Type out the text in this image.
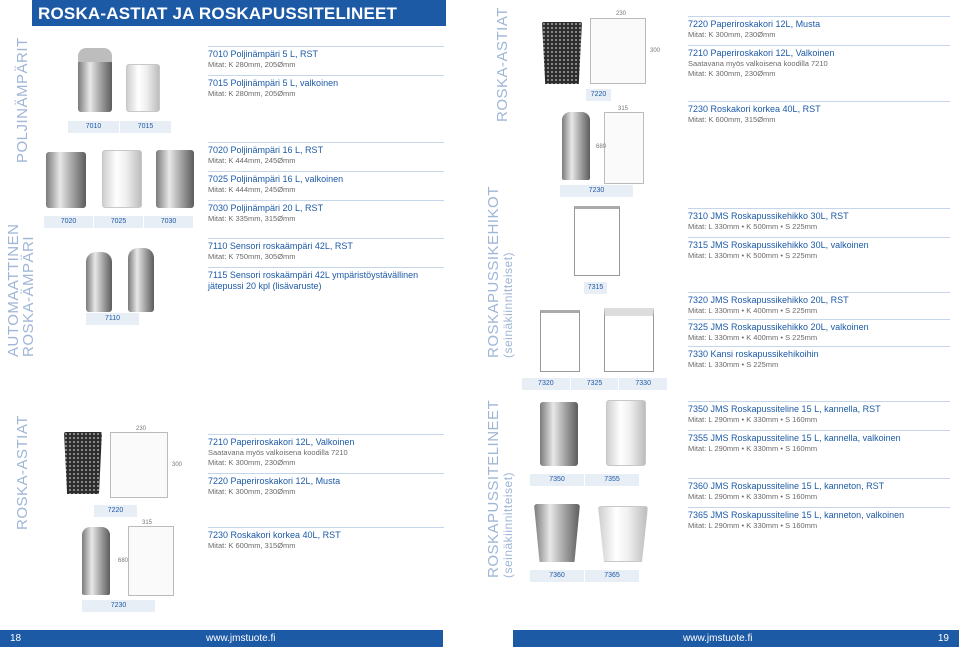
ROSKA-ASTIAT JA ROSKAPUSSITELINEET
POLJINÄMPÄRIT
AUTOMAATTINEN
ROSKA-ÄMPÄRI
ROSKA-ASTIAT
ROSKA-ASTIAT
ROSKAPUSSIKEHIKOT (seinäkiinnitteiset)
ROSKAPUSSITELINEET (seinäkiinnitteiset)
7010	7015
7020	7025	7030
7110
230
300
7220
315
680
7230
7010 Poljinämpäri 5 L, RST
Mitat: K 280mm, 205Ømm
7015 Poljinämpäri 5 L, valkoinen
Mitat: K 280mm, 205Ømm
7020 Poljinämpäri 16 L, RST
Mitat: K 444mm, 245Ømm
7025 Poljinämpäri 16 L, valkoinen
Mitat: K 444mm, 245Ømm
7030 Poljinämpäri 20 L, RST
Mitat: K 335mm, 315Ømm
7110 Sensori roskaämpäri 42L, RST
Mitat: K 750mm, 305Ømm
7115 Sensori roskaämpäri 42L ympäristöystävällinen
jätepussi 20 kpl (lisävaruste)
7210 Paperiroskakori 12L, Valkoinen
Saatavana myös valkoisena koodilla 7210
Mitat: K 300mm, 230Ømm
7220 Paperiroskakori 12L, Musta
Mitat: K 300mm, 230Ømm
7230 Roskakori korkea 40L, RST
Mitat: K 600mm, 315Ømm
230
300
7220
315
680
7230
7315
7320	7325	7330
7350	7355
7360	7365
7220 Paperiroskakori 12L, Musta
Mitat: K 300mm, 230Ømm
7210 Paperiroskakori 12L, Valkoinen
Saatavana myös valkoisena koodilla 7210
Mitat: K 300mm, 230Ømm
7230 Roskakori korkea 40L, RST
Mitat: K 600mm, 315Ømm
7310 JMS Roskapussikehikko 30L, RST
Mitat: L 330mm • K 500mm • S 225mm
7315 JMS Roskapussikehikko 30L, valkoinen
Mitat: L 330mm • K 500mm • S 225mm
7320 JMS Roskapussikehikko 20L, RST
Mitat: L 330mm • K 400mm • S 225mm
7325 JMS Roskapussikehikko 20L, valkoinen
Mitat: L 330mm • K 400mm • S 225mm
7330 Kansi roskapussikehikoihin
Mitat: L 330mm • S 225mm
7350 JMS Roskapussiteline 15 L, kannella, RST
Mitat: L 290mm • K 330mm • S 160mm
7355 JMS Roskapussiteline 15 L, kannella, valkoinen
Mitat: L 290mm • K 330mm • S 160mm
7360 JMS Roskapussiteline 15 L, kanneton, RST
Mitat: L 290mm • K 330mm • S 160mm
7365 JMS Roskapussiteline 15 L, kanneton, valkoinen
Mitat: L 290mm • K 330mm • S 160mm
18	www.jmstuote.fi	www.jmstuote.fi	19
